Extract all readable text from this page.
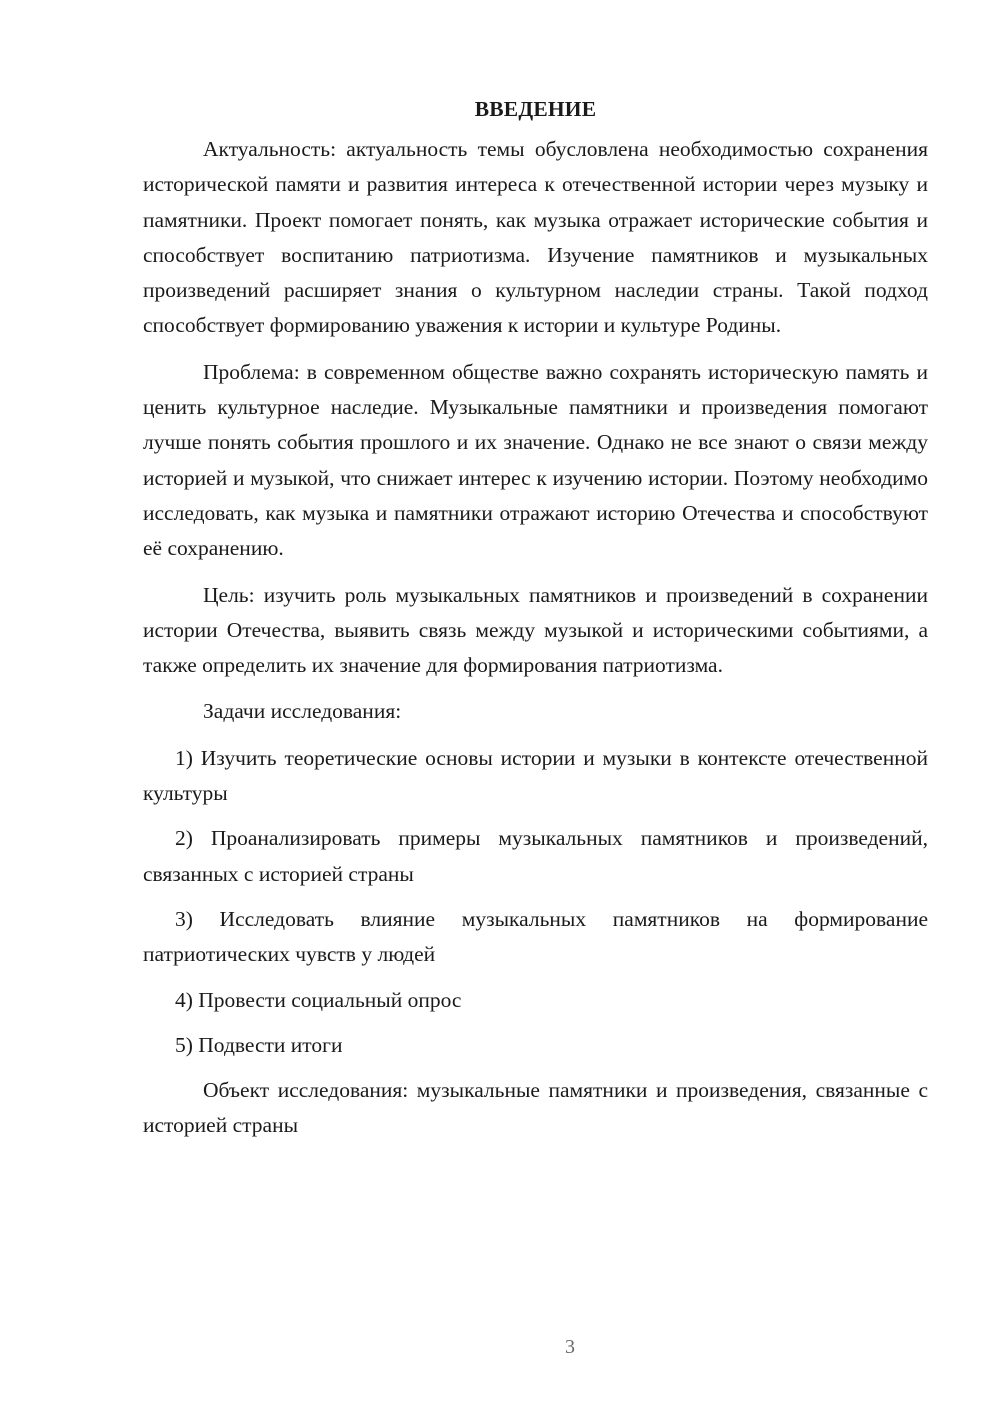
ВВЕДЕНИЕ

Актуальность: актуальность темы обусловлена необходимостью сохранения исторической памяти и развития интереса к отечественной истории через музыку и памятники. Проект помогает понять, как музыка отражает исторические события и способствует воспитанию патриотизма. Изучение памятников и музыкальных произведений расширяет знания о культурном наследии страны. Такой подход способствует формированию уважения к истории и культуре Родины.

Проблема: в современном обществе важно сохранять историческую память и ценить культурное наследие. Музыкальные памятники и произведения помогают лучше понять события прошлого и их значение. Однако не все знают о связи между историей и музыкой, что снижает интерес к изучению истории. Поэтому необходимо исследовать, как музыка и памятники отражают историю Отечества и способствуют её сохранению.

Цель: изучить роль музыкальных памятников и произведений в сохранении истории Отечества, выявить связь между музыкой и историческими событиями, а также определить их значение для формирования патриотизма.

Задачи исследования:

1) Изучить теоретические основы истории и музыки в контексте отечественной культуры

2) Проанализировать примеры музыкальных памятников и произведений, связанных с историей страны

3) Исследовать влияние музыкальных памятников на формирование патриотических чувств у людей

4) Провести социальный опрос

5) Подвести итоги

Объект исследования: музыкальные памятники и произведения, связанные с историей страны

3
